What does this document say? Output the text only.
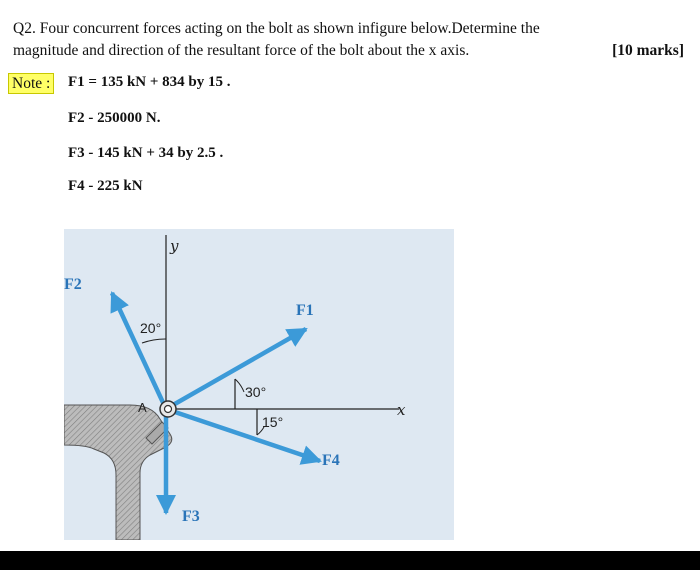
Q2. Four concurrent forces acting on the bolt as shown infigure below.Determine the
magnitude and direction of the resultant force of the bolt about the x axis.	[10 marks]
Note : F1 = 135 kN + 834 by 15 .
F2 - 250000 N.
F3 - 145 kN + 34 by 2.5 .
F4 - 225 kN
y
x
A
F1
F2
F3
F4
20°
30°
15°
